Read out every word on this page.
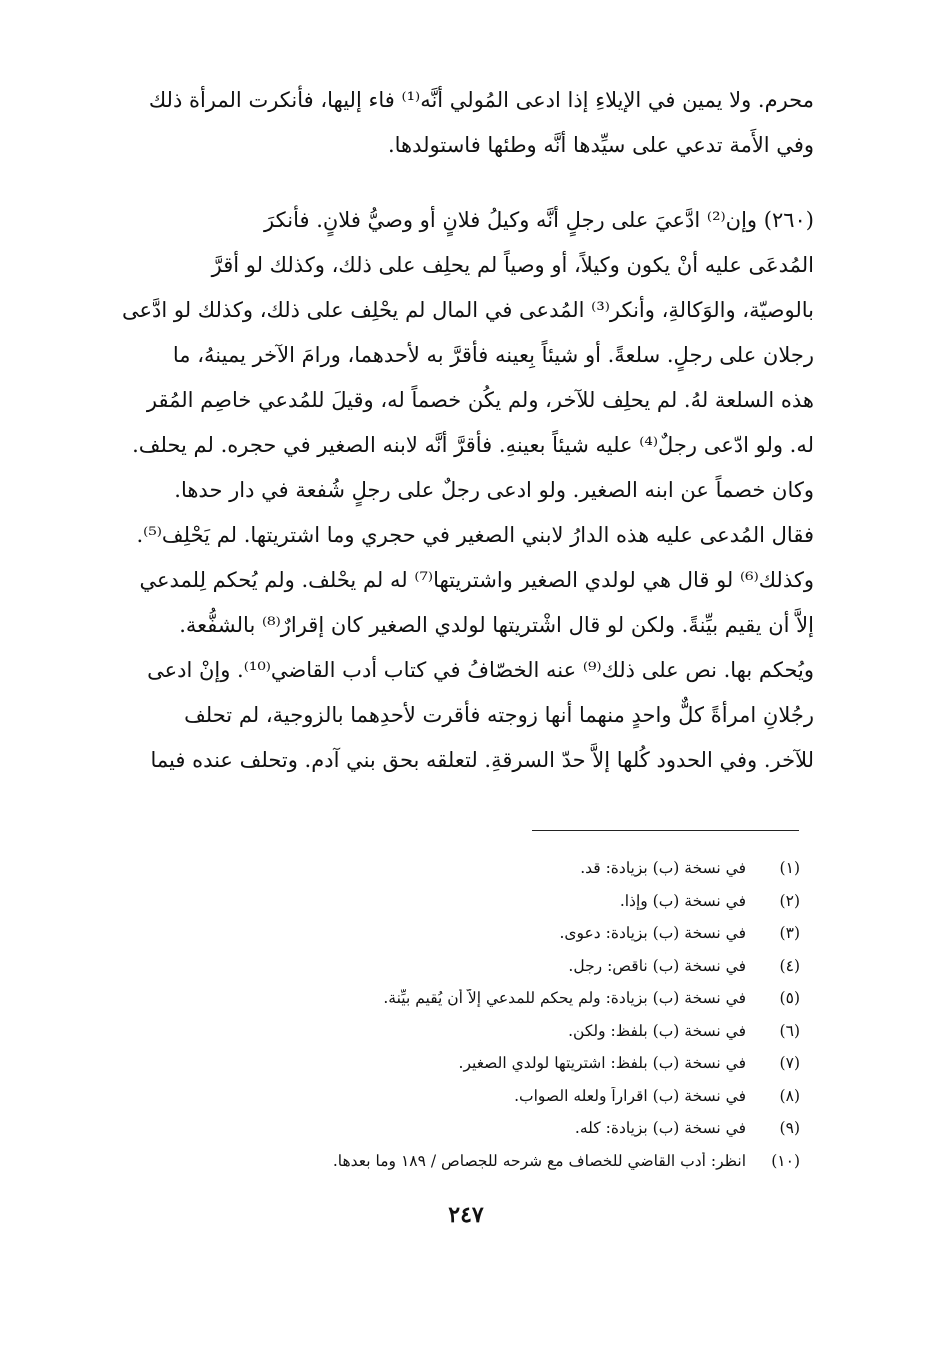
محرم. ولا يمين في الإيلاءِ إذا ادعى المُولي أنَّه⁽¹⁾ فاء إليها، فأنكرت المرأة ذلك
وفي الأَمة تدعي على سيِّدها أنَّه وطئها فاستولدها.
(٢٦٠) وإن⁽²⁾ ادَّعيَ على رجلٍ أنَّه وكيلُ فلانٍ أو وصيُّ فلانٍ. فأنكرَ
المُدعَى عليه أنْ يكون وكيلاً، أو وصياً لم يحلِف على ذلك، وكذلك لو أقرَّ
بالوصيّة، والوَكالةِ، وأنكر⁽³⁾ المُدعى في المال لم يحْلِف على ذلك، وكذلك لو ادَّعى
رجلان على رجلٍ. سلعةً. أو شيئاً بِعينه فأقرَّ به لأحدهما، ورامَ الآخر يمينهُ، ما
هذه السلعة لهُ. لم يحلِف للآخر، ولم يكُن خصماً له، وقيلَ للمُدعي خاصِم المُقر
له. ولو ادّعى رجلٌ⁽⁴⁾ عليه شيئاً بعينهِ. فأقرَّ أنَّه لابنه الصغير في حجره. لم يحلف.
وكان خصماً عن ابنه الصغير. ولو ادعى رجلٌ على رجلٍ شُفعة في دار حدها.
فقال المُدعى عليه هذه الدارُ لابني الصغير في حجري وما اشتريتها. لم يَحْلِف⁽⁵⁾.
وكذلك⁽⁶⁾ لو قال هي لولدي الصغير واشتريتها⁽⁷⁾ له لم يحْلف. ولم يُحكم لِلمدعي
إلاَّ أن يقيم بيِّنةً. ولكن لو قال اشْتريتها لولدي الصغير كان إقرارٌ⁽⁸⁾ بالشفُّعة.
ويُحكم بها. نص على ذلك⁽⁹⁾ عنه الخصّافُ في كتاب أدب القاضي⁽¹⁰⁾. وإنْ ادعى
رجُلانِ امرأةً كلٌّ واحدٍ منهما أنها زوجته فأقرت لأحدِهما بالزوجية، لم تحلف
للآخر. وفي الحدود كُلها إلاَّ حدّ السرقةِ. لتعلقه بحق بني آدم. وتحلف عنده فيما
(١)
في نسخة (ب) بزيادة: قد.
(٢)
في نسخة (ب) وإذا.
(٣)
في نسخة (ب) بزيادة: دعوى.
(٤)
في نسخة (ب) ناقص: رجل.
(٥)
في نسخة (ب) بزيادة: ولم يحكم للمدعي إلاّ أن يُقيم بيِّنة.
(٦)
في نسخة (ب) بلفظ: ولكن.
(٧)
في نسخة (ب) بلفظ: اشتريتها لولدي الصغير.
(٨)
في نسخة (ب) اقراراً ولعله الصواب.
(٩)
في نسخة (ب) بزيادة: كله.
(١٠)
انظر: أدب القاضي للخصاف مع شرحه للجصاص / ١٨٩ وما بعدها.
٢٤٧
